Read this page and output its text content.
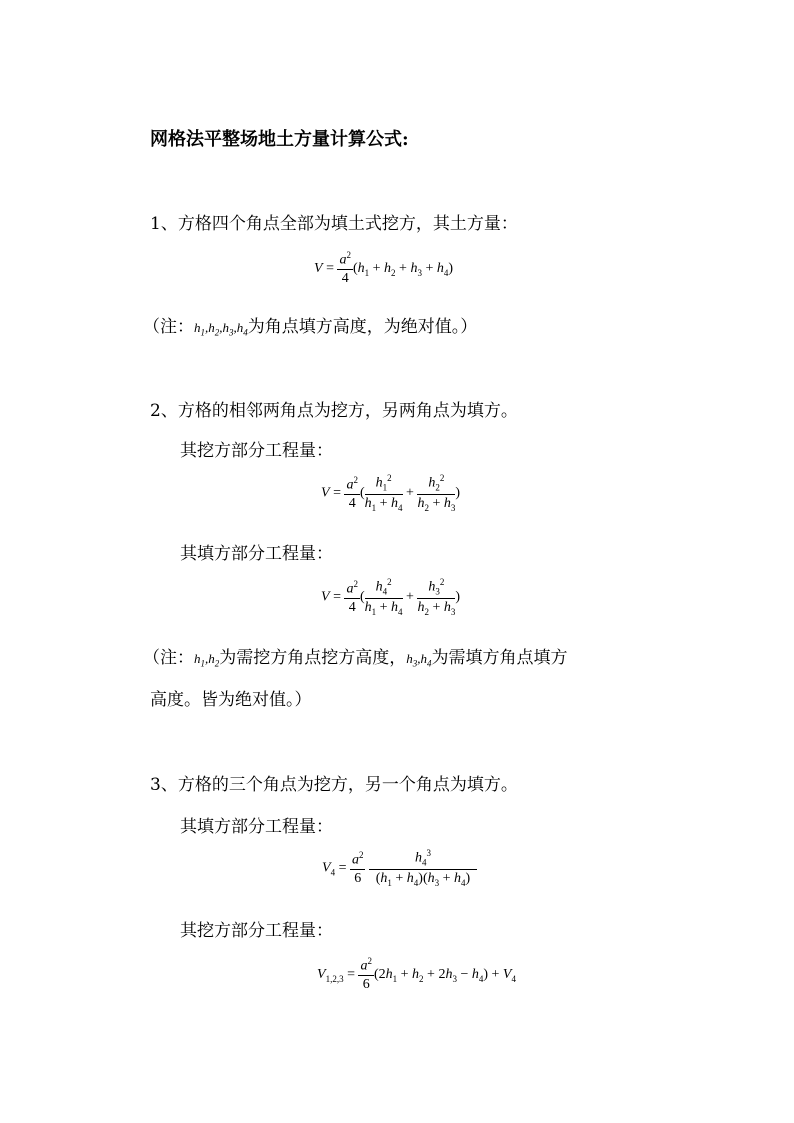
网格法平整场地土方量计算公式:
1、方格四个角点全部为填土式挖方，其土方量：
$V = \frac{a^2}{4} (h_1 + h_2 + h_3 + h_4)$
（注：$h_1,h_2,h_3,h_4$为角点填方高度，为绝对值。）
2、方格的相邻两角点为挖方，另两角点为填方。
其挖方部分工程量：
$V = \frac{a^2}{4}$ ( $\frac{h_1^2}{h_1 + h_4} + \frac{h_2^2}{h_2 + h_3}$ )
其填方部分工程量：
$V = \frac{a^2}{4}$ ( $\frac{h_4^2}{h_1 + h_4} + \frac{h_3^2}{h_2 + h_3}$ )
（注：$h_1,h_2$为需挖方角点挖方高度，$h_3,h_4$为需填方角点填方
高度。皆为绝对值。）
3、方格的三个角点为挖方，另一个角点为填方。
其填方部分工程量：
$V_4 = \frac{a^2}{6}$
$\frac{h_4^3}{(h_1 + h_4)(h_3 + h_4)}$
其挖方部分工程量：
$V_{1,2,3} = \frac{a^2}{6} (2h_1 + h_2 + 2h_3 - h_4) + V_4$
